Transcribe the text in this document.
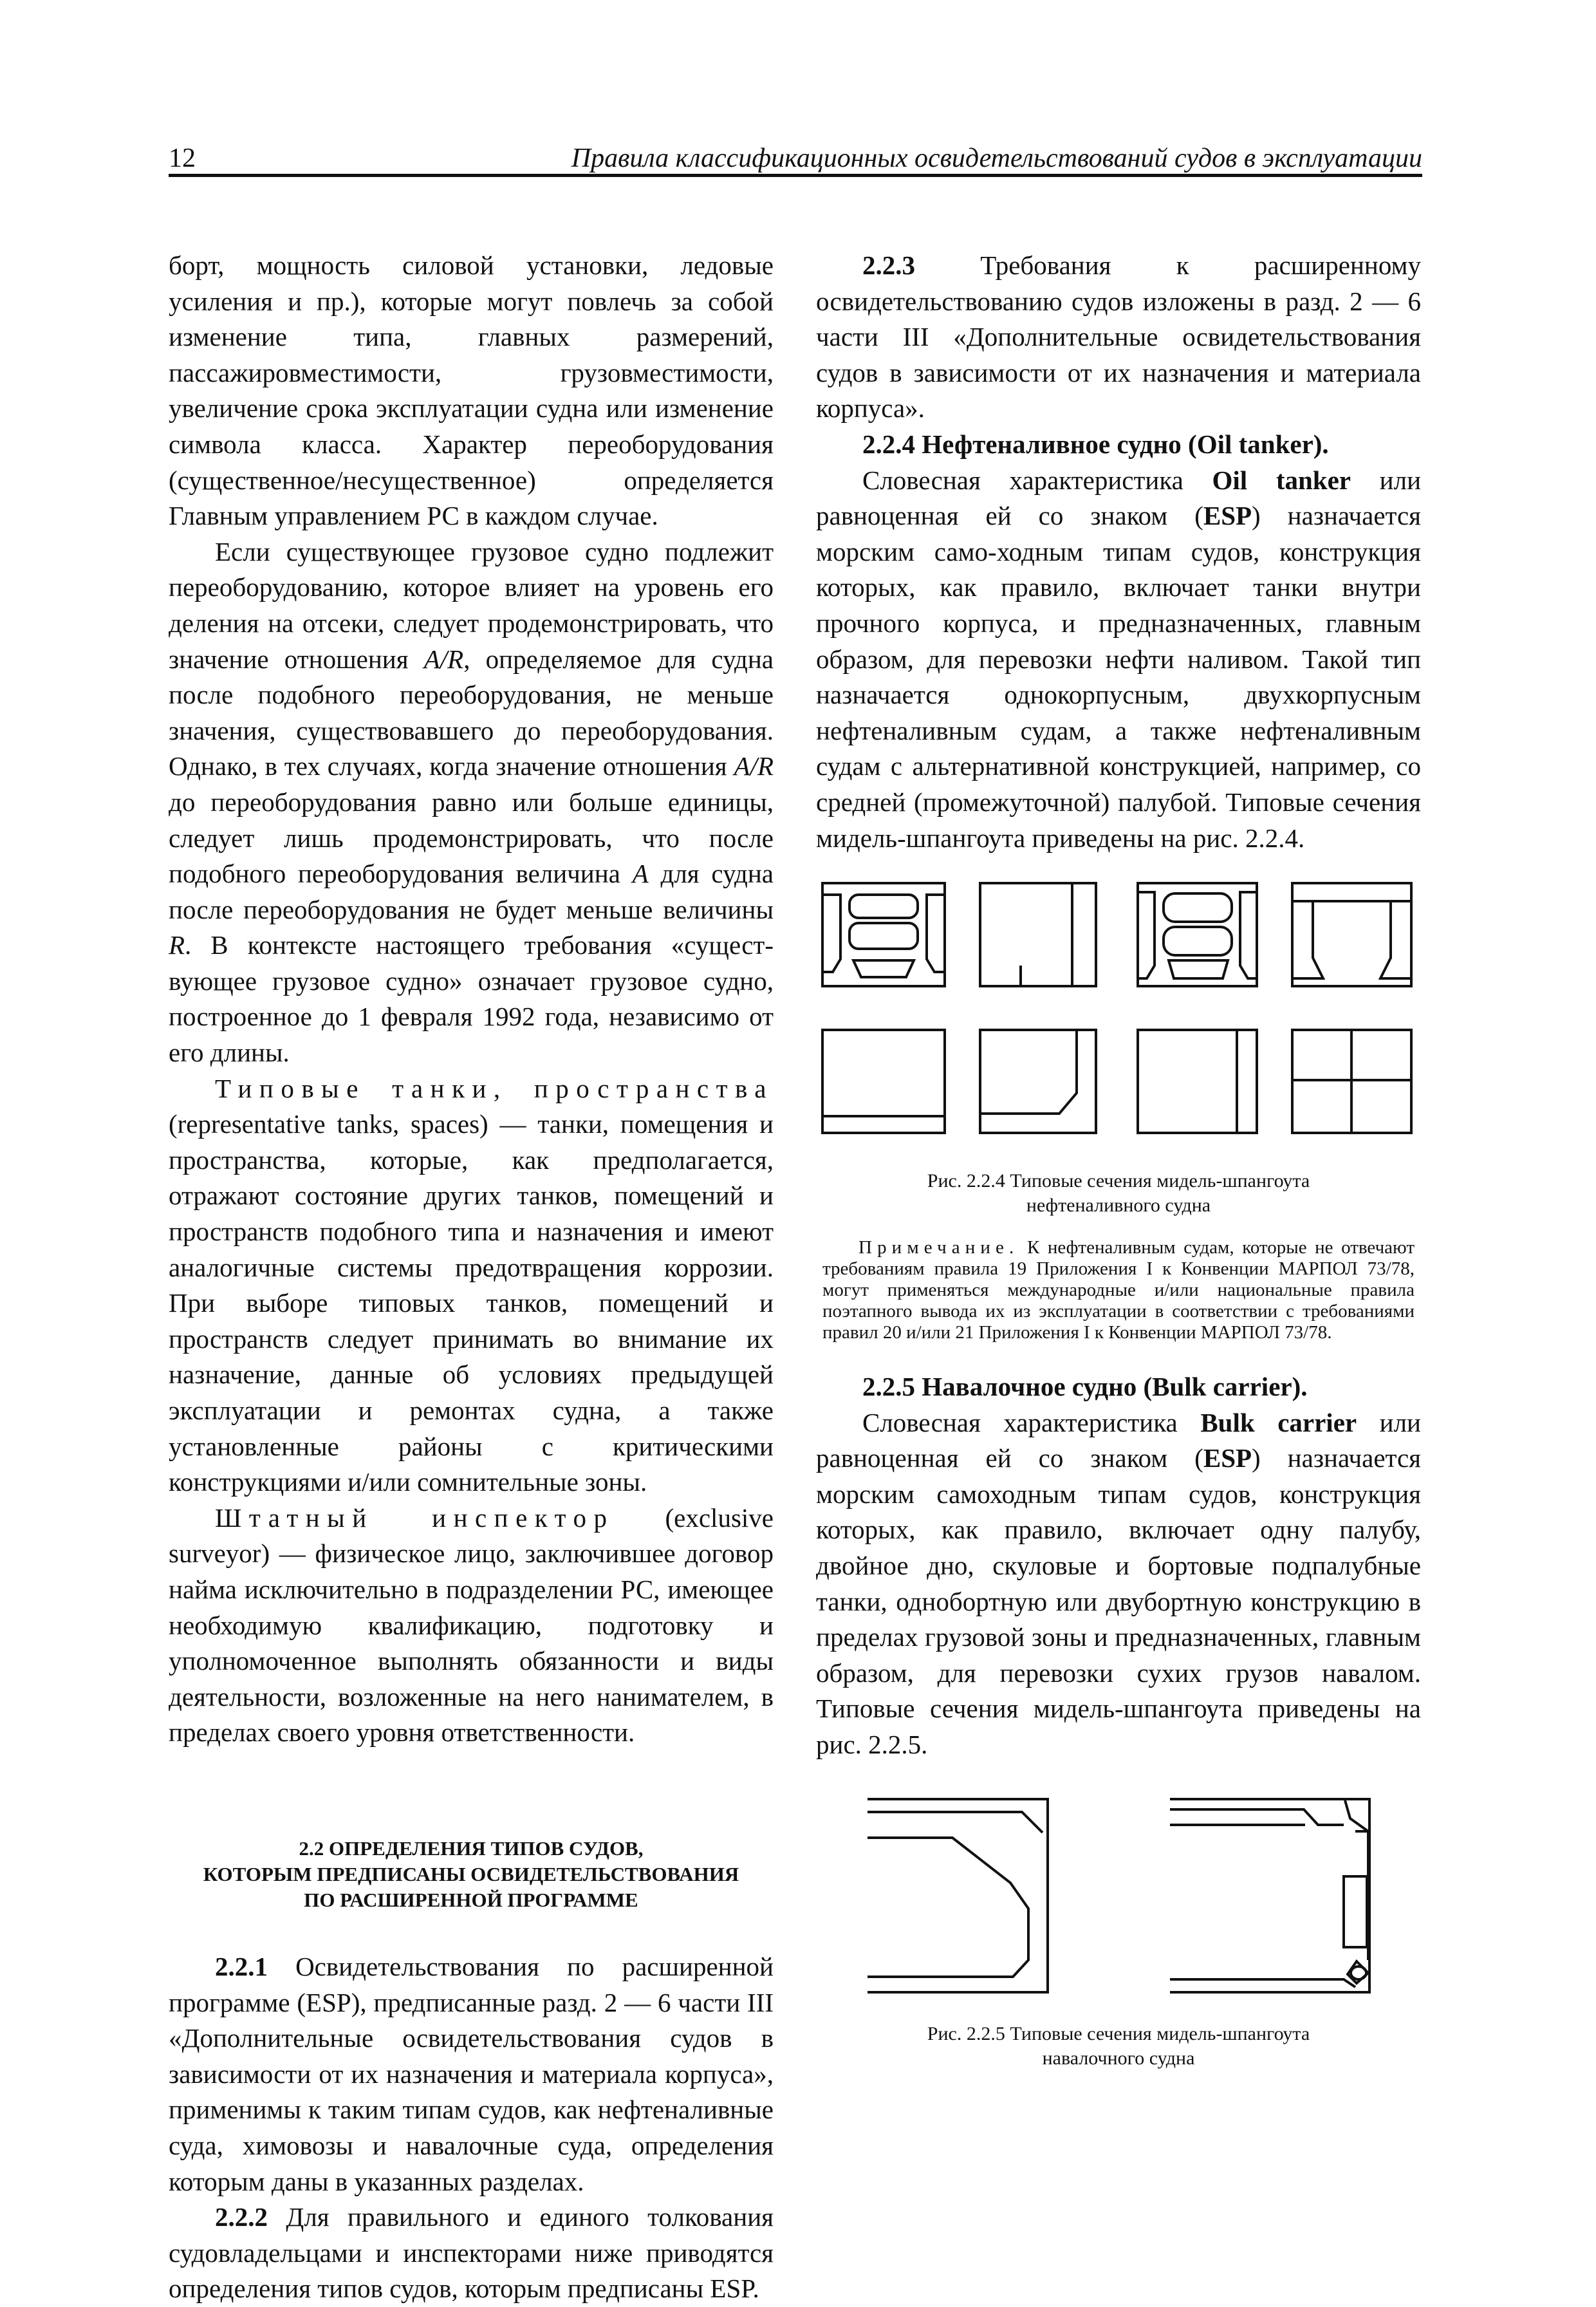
12	Правила классификационных освидетельствований судов в эксплуатации

борт, мощность силовой установки, ледовые усиления и пр.), которые могут повлечь за собой изменение типа, главных размерений, пассажировместимости, грузовместимости, увеличение срока эксплуатации судна или изменение символа класса. Характер переоборудования (существенное/несущественное) определяется Главным управлением РС в каждом случае.

Если существующее грузовое судно подлежит переоборудованию, которое влияет на уровень его деления на отсеки, следует продемонстрировать, что значение отношения A/R, определяемое для судна после подобного переоборудования, не меньше значения, существовавшего до переоборудования. Однако, в тех случаях, когда значение отношения A/R до переоборудования равно или больше единицы, следует лишь продемонстрировать, что после подобного переоборудования величина A для судна после переоборудования не будет меньше величины R. В контексте настоящего требования «сущест-вующее грузовое судно» означает грузовое судно, построенное до 1 февраля 1992 года, независимо от его длины.

Типовые танки, пространства (representative tanks, spaces) — танки, помещения и пространства, которые, как предполагается, отражают состояние других танков, помещений и пространств подобного типа и назначения и имеют аналогичные системы предотвращения коррозии. При выборе типовых танков, помещений и пространств следует принимать во внимание их назначение, данные об условиях предыдущей эксплуатации и ремонтах судна, а также установленные районы с критическими конструкциями и/или сомнительные зоны.

Штатный инспектор (exclusive surveyor) — физическое лицо, заключившее договор найма исключительно в подразделении РС, имеющее необходимую квалификацию, подготовку и уполномоченное выполнять обязанности и виды деятельности, возложенные на него нанимателем, в пределах своего уровня ответственности.

2.2 ОПРЕДЕЛЕНИЯ ТИПОВ СУДОВ,
КОТОРЫМ ПРЕДПИСАНЫ ОСВИДЕТЕЛЬСТВОВАНИЯ
ПО РАСШИРЕННОЙ ПРОГРАММЕ

2.2.1 Освидетельствования по расширенной программе (ESP), предписанные разд. 2 — 6 части III «Дополнительные освидетельствования судов в зависимости от их назначения и материала корпуса», применимы к таким типам судов, как нефтеналивные суда, химовозы и навалочные суда, определения которым даны в указанных разделах.

2.2.2 Для правильного и единого толкования судовладельцами и инспекторами ниже приводятся определения типов судов, которым предписаны ESP.

2.2.3 Требования к расширенному освидетельствованию судов изложены в разд. 2 — 6 части III «Дополнительные освидетельствования судов в зависимости от их назначения и материала корпуса».

2.2.4 Нефтеналивное судно (Oil tanker).

Словесная характеристика Oil tanker или равноценная ей со знаком (ESP) назначается морским само-ходным типам судов, конструкция которых, как правило, включает танки внутри прочного корпуса, и предназначенных, главным образом, для перевозки нефти наливом. Такой тип назначается однокорпусным, двухкорпусным нефтеналивным судам, а также нефтеналивным судам с альтернативной конструкцией, например, со средней (промежуточной) палубой. Типовые сечения мидель-шпангоута приведены на рис. 2.2.4.

Рис. 2.2.4 Типовые сечения мидель-шпангоута
нефтеналивного судна

Примечание. К нефтеналивным судам, которые не отвечают требованиям правила 19 Приложения I к Конвенции МАРПОЛ 73/78, могут применяться международные и/или национальные правила поэтапного вывода их из эксплуатации в соответствии с требованиями правил 20 и/или 21 Приложения I к Конвенции МАРПОЛ 73/78.

2.2.5 Навалочное судно (Bulk carrier).

Словесная характеристика Bulk carrier или равноценная ей со знаком (ESP) назначается морским самоходным типам судов, конструкция которых, как правило, включает одну палубу, двойное дно, скуловые и бортовые подпалубные танки, однобортную или двубортную конструкцию в пределах грузовой зоны и предназначенных, главным образом, для перевозки сухих грузов навалом. Типовые сечения мидель-шпангоута приведены на рис. 2.2.5.

Рис. 2.2.5 Типовые сечения мидель-шпангоута
навалочного судна
